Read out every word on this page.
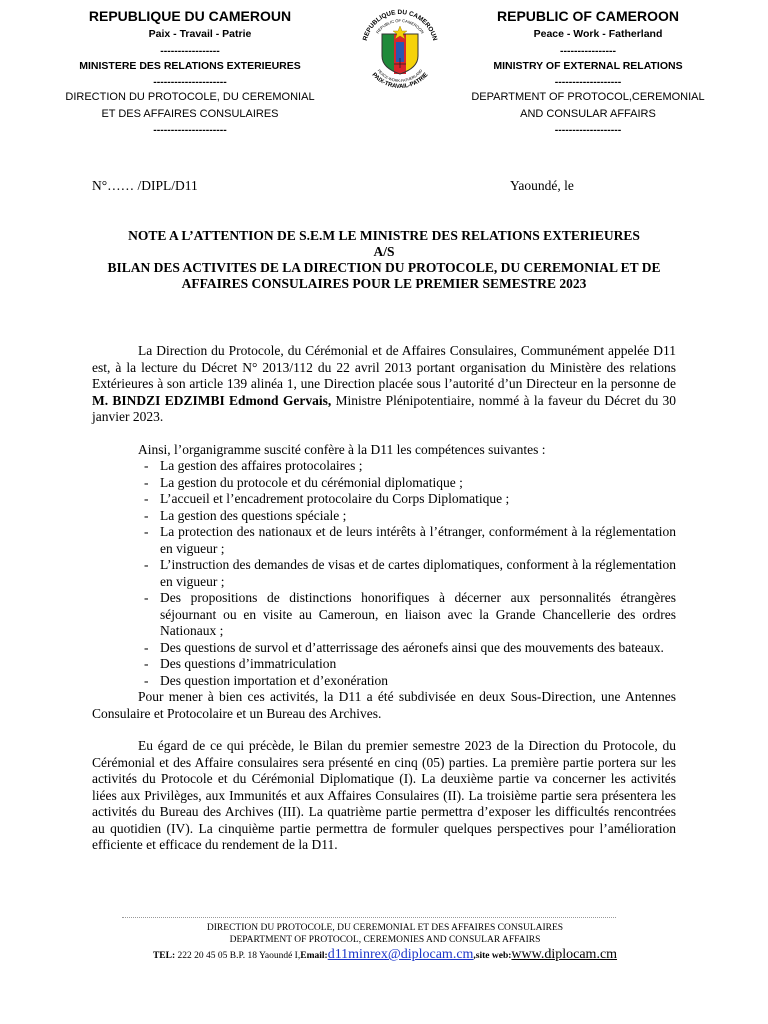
REPUBLIQUE DU CAMEROUN
Paix - Travail - Patrie
-----------------
MINISTERE DES RELATIONS EXTERIEURES
---------------------
DIRECTION DU PROTOCOLE, DU CEREMONIAL
ET DES AFFAIRES CONSULAIRES
---------------------
REPUBLIQUE DU CAMEROUN
REPUBLIC OF CAMEROON
PAIX-TRAVAIL-PATRIE
PEACE-WORK-FATHERLAND
REPUBLIC OF CAMEROON
Peace - Work - Fatherland
----------------
MINISTRY OF EXTERNAL RELATIONS
-------------------
DEPARTMENT OF PROTOCOL,CEREMONIAL
AND CONSULAR AFFAIRS
-------------------
N°…… /DIPL/D11	Yaoundé, le
NOTE A L’ATTENTION DE S.E.M LE MINISTRE DES RELATIONS EXTERIEURES
A/S
BILAN DES ACTIVITES DE LA DIRECTION DU PROTOCOLE, DU CEREMONIAL ET DE AFFAIRES CONSULAIRES POUR LE PREMIER SEMESTRE 2023

La Direction du Protocole, du Cérémonial et de Affaires Consulaires, Communément appelée D11 est, à la lecture du Décret N° 2013/112 du 22 avril 2013 portant organisation du Ministère des relations Extérieures à son article 139 alinéa 1, une Direction placée sous l’autorité d’un Directeur en la personne de M. BINDZI EDZIMBI Edmond Gervais, Ministre Plénipotentiaire, nommé à la faveur du Décret du 30 janvier 2023.

Ainsi, l’organigramme suscité confère à la D11 les compétences suivantes :

- La gestion des affaires protocolaires ;
- La gestion du protocole et du cérémonial diplomatique ;
- L’accueil et l’encadrement protocolaire du Corps Diplomatique ;
- La gestion des questions spéciale ;
- La protection des nationaux et de leurs intérêts à l’étranger, conformément à la réglementation en vigueur ;
- L’instruction des demandes de visas et de cartes diplomatiques, conforment à la réglementation en vigueur ;
- Des propositions de distinctions honorifiques à décerner aux personnalités étrangères séjournant ou en visite au Cameroun, en liaison avec la Grande Chancellerie des ordres Nationaux ;
- Des questions de survol et d’atterrissage des aéronefs ainsi que des mouvements des bateaux.
- Des questions d’immatriculation
- Des question importation et d’exonération

Pour mener à bien ces activités, la D11 a été subdivisée en deux Sous-Direction, une Antennes Consulaire et Protocolaire et un Bureau des Archives.

Eu égard de ce qui précède, le Bilan du premier semestre 2023 de la Direction du Protocole, du Cérémonial et des Affaire consulaires sera présenté en cinq (05) parties. La première partie portera sur les activités du Protocole et du Cérémonial Diplomatique (I). La deuxième partie va concerner les activités liées aux Privilèges, aux Immunités et aux Affaires Consulaires (II). La troisième partie sera présentera les activités du Bureau des Archives (III). La quatrième partie permettra d’exposer les difficultés rencontrées au quotidien (IV). La cinquième partie permettra de formuler quelques perspectives pour l’amélioration efficiente et efficace du rendement de la D11.

DIRECTION DU PROTOCOLE, DU CEREMONIAL ET DES AFFAIRES CONSULAIRES
DEPARTMENT OF PROTOCOL, CEREMONIES AND CONSULAR AFFAIRS
TEL: 222 20 45 05 B.P. 18 Yaoundé I,Email:d11minrex@diplocam.cm,site web:www.diplocam.cm
